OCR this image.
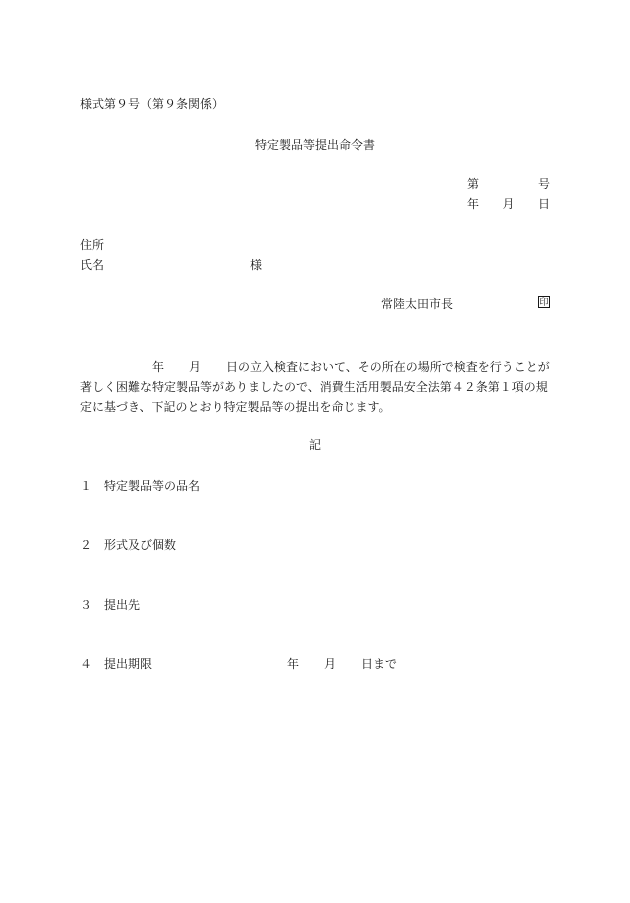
様式第９号（第９条関係）
特定製品等提出命令書
第	号
年 月 日
住所
氏名	様
常陸太田市長	印
年 月 日の立入検査において、その所在の場所で検査を行うことが
著しく困難な特定製品等がありましたので、消費生活用製品安全法第４２条第１項の規
定に基づき、下記のとおり特定製品等の提出を命じます。
記
１ 特定製品等の品名
２ 形式及び個数
３ 提出先
４ 提出期限	年 月 日まで
